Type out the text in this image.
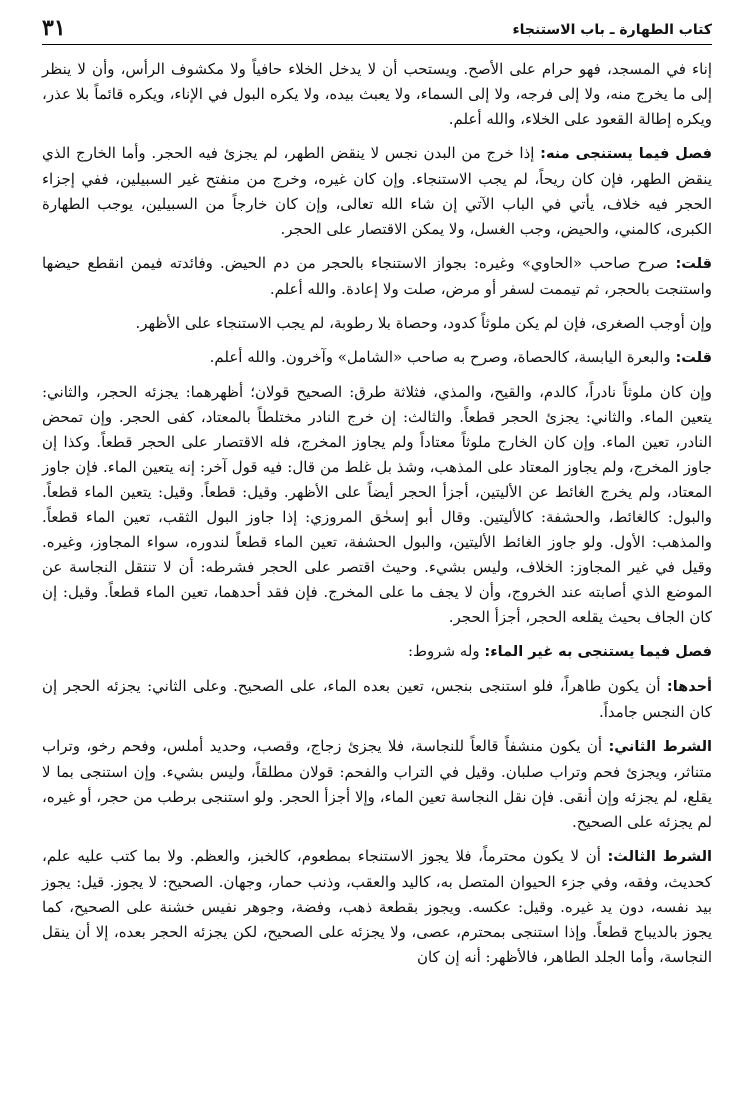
كتاب الطهارة ـ باب الاستنجاء
٣١

إناء في المسجد، فهو حرام على الأصح. ويستحب أن لا يدخل الخلاء حافياً ولا مكشوف الرأس، وأن لا ينظر إلى ما يخرج منه، ولا إلى فرجه، ولا إلى السماء، ولا يعبث بيده، ولا يكره البول في الإناء، ويكره قائماً بلا عذر، ويكره إطالة القعود على الخلاء، والله أعلم.

فصل فيما يستنجى منه: إذا خرج من البدن نجس لا ينقض الطهر، لم يجزئ فيه الحجر. وأما الخارج الذي ينقض الطهر، فإن كان ريحاً، لم يجب الاستنجاء. وإن كان غيره، وخرج من منفتح غير السبيلين، ففي إجزاء الحجر فيه خلاف، يأتي في الباب الآتي إن شاء الله تعالى، وإن كان خارجاً من السبيلين، يوجب الطهارة الكبرى، كالمني، والحيض، وجب الغسل، ولا يمكن الاقتصار على الحجر.

قلت: صرح صاحب «الحاوي» وغيره: بجواز الاستنجاء بالحجر من دم الحيض. وفائدته فيمن انقطع حيضها واستنجت بالحجر، ثم تيممت لسفر أو مرض، صلت ولا إعادة. والله أعلم.

وإن أوجب الصغرى، فإن لم يكن ملوثاً كدود، وحصاة بلا رطوبة، لم يجب الاستنجاء على الأظهر.

قلت: والبعرة اليابسة، كالحصاة، وصرح به صاحب «الشامل» وآخرون. والله أعلم.

وإن كان ملوثاً نادراً، كالدم، والقيح، والمذي، فثلاثة طرق: الصحيح قولان؛ أظهرهما: يجزئه الحجر، والثاني: يتعين الماء. والثاني: يجزئ الحجر قطعاً. والثالث: إن خرج النادر مختلطاً بالمعتاد، كفى الحجر. وإن تمحض النادر، تعين الماء. وإن كان الخارج ملوثاً معتاداً ولم يجاوز المخرج، فله الاقتصار على الحجر قطعاً. وكذا إن جاوز المخرج، ولم يجاوز المعتاد على المذهب، وشذ بل غلط من قال: فيه قول آخر: إنه يتعين الماء. فإن جاوز المعتاد، ولم يخرج الغائط عن الأليتين، أجزأ الحجر أيضاً على الأظهر. وقيل: قطعاً. وقيل: يتعين الماء قطعاً. والبول: كالغائط، والحشفة: كالأليتين. وقال أبو إسحٰق المروزي: إذا جاوز البول الثقب، تعين الماء قطعاً. والمذهب: الأول. ولو جاوز الغائط الأليتين، والبول الحشفة، تعين الماء قطعاً لندوره، سواء المجاوز، وغيره. وقيل في غير المجاوز: الخلاف، وليس بشيء. وحيث اقتصر على الحجر فشرطه: أن لا تنتقل النجاسة عن الموضع الذي أصابته عند الخروج، وأن لا يجف ما على المخرج. فإن فقد أحدهما، تعين الماء قطعاً. وقيل: إن كان الجاف بحيث يقلعه الحجر، أجزأ الحجر.

فصل فيما يستنجى به غير الماء: وله شروط:

أحدها: أن يكون طاهراً، فلو استنجى بنجس، تعين بعده الماء، على الصحيح. وعلى الثاني: يجزئه الحجر إن كان النجس جامداً.

الشرط الثاني: أن يكون منشفاً قالعاً للنجاسة، فلا يجزئ زجاج، وقصب، وحديد أملس، وفحم رخو، وتراب متناثر، ويجزئ فحم وتراب صلبان. وقيل في التراب والفحم: قولان مطلقاً، وليس بشيء. وإن استنجى بما لا يقلع، لم يجزئه وإن أنقى. فإن نقل النجاسة تعين الماء، وإلا أجزأ الحجر. ولو استنجى برطب من حجر، أو غيره، لم يجزئه على الصحيح.

الشرط الثالث: أن لا يكون محترماً، فلا يجوز الاستنجاء بمطعوم، كالخبز، والعظم. ولا بما كتب عليه علم، كحديث، وفقه، وفي جزء الحيوان المتصل به، كاليد والعقب، وذنب حمار، وجهان. الصحيح: لا يجوز. قيل: يجوز بيد نفسه، دون يد غيره. وقيل: عكسه. ويجوز بقطعة ذهب، وفضة، وجوهر نفيس خشنة على الصحيح، كما يجوز بالديباج قطعاً. وإذا استنجى بمحترم، عصى، ولا يجزئه على الصحيح، لكن يجزئه الحجر بعده، إلا أن ينقل النجاسة، وأما الجلد الطاهر، فالأظهر: أنه إن كان
